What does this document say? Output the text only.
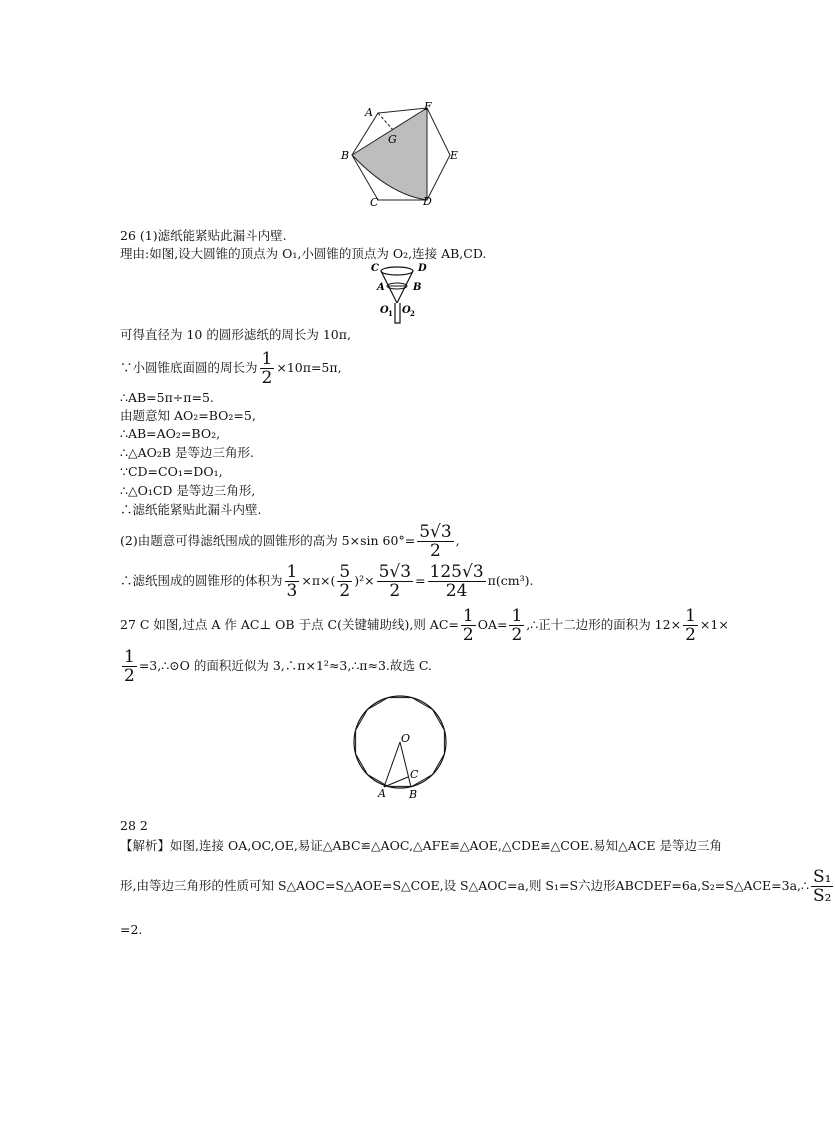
A	F
G
B	E
C	D
26 (1)滤纸能紧贴此漏斗内壁.
理由:如图,设大圆锥的顶点为 O₁,小圆锥的顶点为 O₂,连接 AB,CD.
C	D
A	B
O 1 O 2
可得直径为 10 的圆形滤纸的周长为 10π,
∵小圆锥底面圆的周长为 $\frac{1}{2} \times 10\pi=5\pi$,
∴AB=5π÷π=5.
由题意知 AO₂=BO₂=5,
∴AB=AO₂=BO₂,
∴△AO₂B 是等边三角形.
∵CD=CO₁=DO₁,
∴△O₁CD 是等边三角形,
∴滤纸能紧贴此漏斗内壁.
(2)由题意可得滤纸围成的圆锥形的高为 5×sin $60^\circ= \frac{5√3}{2}$ ,
∴滤纸围成的圆锥形的体积为 $\frac{1}{3} \times\pi\times( \frac{5}{2} )^2\times \frac{5√3}{2} = \frac{125√3}{24} \pi(cm^3)$.
27 C 如图,过点 A 作 AC⊥ OB 于点 C(关键辅助线),则 $AC= \frac{1}{2} OA= \frac{1}{2}$ ,∴正十二边形的面积为 $12\times \frac{1}{2} \times 1\times$
$\frac{1}{2}$ =3,∴⊙O 的面积近似为 3,∴π×1²≈3,∴π≈3.故选 C.
O
A B
C
28 2
【解析】如图,连接 OA,OC,OE,易证△ABC≌△AOC,△AFE≌△AOE,△CDE≌△COE.易知△ACE 是等边三角
形,由等边三角形的性质可知 S△AOC=S△AOE=S△COE,设 S△AOC=a,则 S₁=S六边形ABCDEF=6a,S₂=S△ACE=3a,∴ $\frac{\text{S₁}}{\text{S₂}}$
=2.
